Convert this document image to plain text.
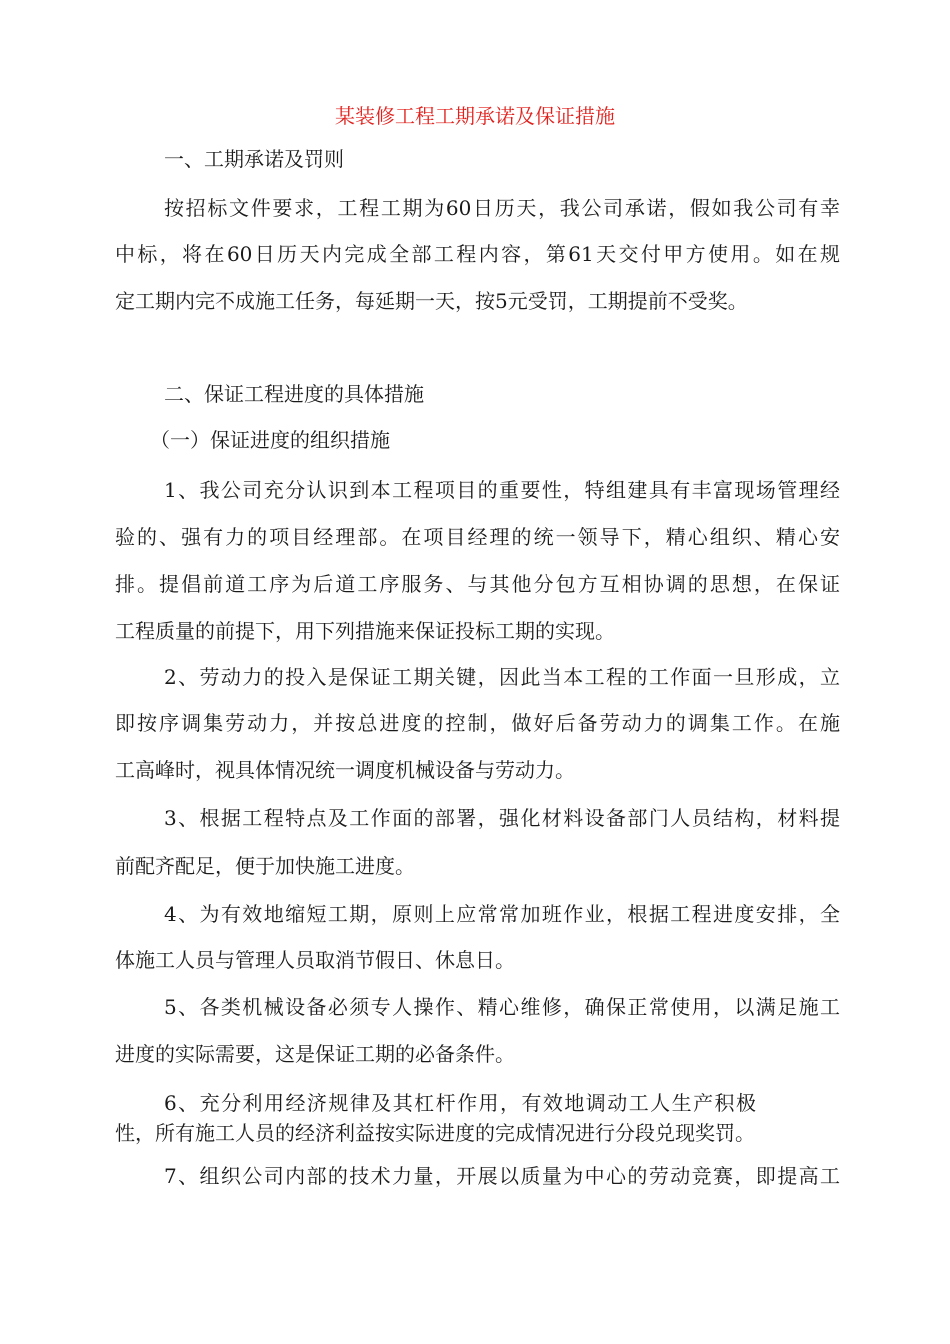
某装修工程工期承诺及保证措施
一、工期承诺及罚则
按招标文件要求，工程工期为60日历天，我公司承诺，假如我公司有幸
中标，将在60日历天内完成全部工程内容，第61天交付甲方使用。如在规
定工期内完不成施工任务，每延期一天，按5元受罚，工期提前不受奖。
二、保证工程进度的具体措施
（一）保证进度的组织措施
1、我公司充分认识到本工程项目的重要性，特组建具有丰富现场管理经
验的、强有力的项目经理部。在项目经理的统一领导下，精心组织、精心安
排。提倡前道工序为后道工序服务、与其他分包方互相协调的思想，在保证
工程质量的前提下，用下列措施来保证投标工期的实现。
2、劳动力的投入是保证工期关键，因此当本工程的工作面一旦形成，立
即按序调集劳动力，并按总进度的控制，做好后备劳动力的调集工作。在施
工高峰时，视具体情况统一调度机械设备与劳动力。
3、根据工程特点及工作面的部署，强化材料设备部门人员结构，材料提
前配齐配足，便于加快施工进度。
4、为有效地缩短工期，原则上应常常加班作业，根据工程进度安排，全
体施工人员与管理人员取消节假日、休息日。
5、各类机械设备必须专人操作、精心维修，确保正常使用，以满足施工
进度的实际需要，这是保证工期的必备条件。
6、充分利用经济规律及其杠杆作用，有效地调动工人生产积极
性，所有施工人员的经济利益按实际进度的完成情况进行分段兑现奖罚。
7、组织公司内部的技术力量，开展以质量为中心的劳动竞赛，即提高工
